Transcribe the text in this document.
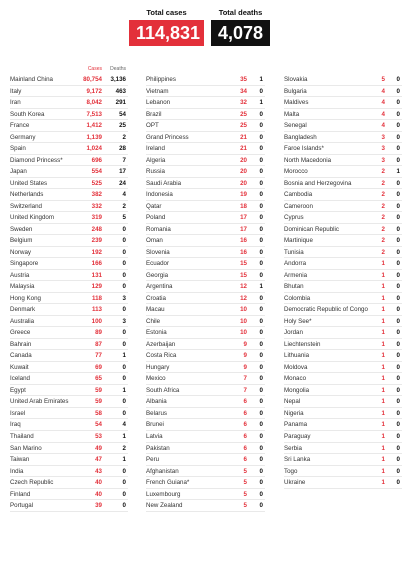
Total cases
114,831
Total deaths
4,078
Cases Deaths
Mainland China	80,754 3,136
Italy	9,172 463
Iran	8,042 291
South Korea	7,513	54
France	1,412	25
Germany	1,139	2
Spain	1,024	28
Diamond Princess*	696	7
Japan	554	17
United States	525	24
Netherlands	382	4
Switzerland	332	2
United Kingdom	319	5
Sweden	248	0
Belgium	239	0
Norway	192	0
Singapore	166	0
Austria	131	0
Malaysia	129	0
Hong Kong	118	3
Denmark	113	0
Australia	100	3
Greece	89	0
Bahrain	87	0
Canada	77	1
Kuwait	69	0
Iceland	65	0
Egypt	59	1
United Arab Emirates	59	0
Israel	58	0
Iraq	54	4
Thailand	53	1
San Marino	49	2
Taiwan	47	1
India	43	0
Czech Republic	40	0
Finland	40	0
Portugal	39	0
Philippines	35 1
Vietnam	34 0
Lebanon	32 1
Brazil	25 0
OPT	25 0
Grand Princess	21 0
Ireland	21 0
Algeria	20 0
Russia	20 0
Saudi Arabia	20 0
Indonesia	19 0
Qatar	18 0
Poland	17 0
Romania	17 0
Oman	16 0
Slovenia	16 0
Ecuador	15 0
Georgia	15 0
Argentina	12 1
Croatia	12 0
Macau	10 0
Chile	10 0
Estonia	10 0
Azerbaijan	9 0
Costa Rica	9 0
Hungary	9 0
Mexico	7 0
South Africa	7 0
Albania	6 0
Belarus	6 0
Brunei	6 0
Latvia	6 0
Pakistan	6 0
Peru	6 0
Afghanistan	5 0
French Guiana*	5 0
Luxembourg	5 0
New Zealand	5 0
Slovakia	5 0
Bulgaria	4 0
Maldives	4 0
Malta	4 0
Senegal	4 0
Bangladesh	3 0
Faroe Islands*	3 0
North Macedonia	3 0
Morocco	2 1
Bosnia and Herzegovina	2 0
Cambodia	2 0
Cameroon	2 0
Cyprus	2 0
Dominican Republic	2 0
Martinique	2 0
Tunisia	2 0
Andorra	1 0
Armenia	1 0
Bhutan	1 0
Colombia	1 0
Democratic Republic of Congo	1 0
Holy See*	1 0
Jordan	1 0
Liechtenstein	1 0
Lithuania	1 0
Moldova	1 0
Monaco	1 0
Mongolia	1 0
Nepal	1 0
Nigeria	1 0
Panama	1 0
Paraguay	1 0
Serbia	1 0
Sri Lanka	1 0
Togo	1 0
Ukraine	1 0
